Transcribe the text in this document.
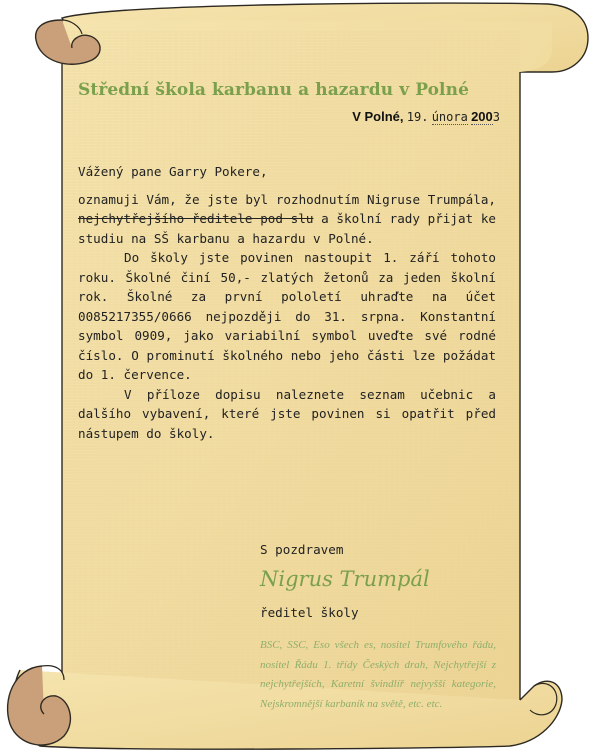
Střední škola karbanu a hazardu v Polné
V Polné, 19. února 2003

Vážený pane Garry Pokere,

oznamuji Vám, že jste byl rozhodnutím Nigruse Trumpála, nejchytřejšího ředitele pod slu a školní rady přijat ke studiu na SŠ karbanu a hazardu v Polné.

Do školy jste povinen nastoupit 1. září tohoto roku. Školné činí 50,- zlatých žetonů za jeden školní rok. Školné za první pololetí uhraďte na účet 0085217355/0666 nejpozději do 31. srpna. Konstantní symbol 0909, jako variabilní symbol uveďte své rodné číslo. O prominutí školného nebo jeho části lze požádat do 1. července.

V příloze dopisu naleznete seznam učebnic a dalšího vybavení, které jste povinen si opatřit před nástupem do školy.

S pozdravem
Nigrus Trumpál
ředitel školy
BSC, SSC, Eso všech es, nositel Trumfového řádu, nositel Řádu 1. třídy Českých drah, Nejchytřejší z nejchytřejších, Karetní švindlíř nejvyšší kategorie, Nejskromnější karbaník na světě, etc. etc.
